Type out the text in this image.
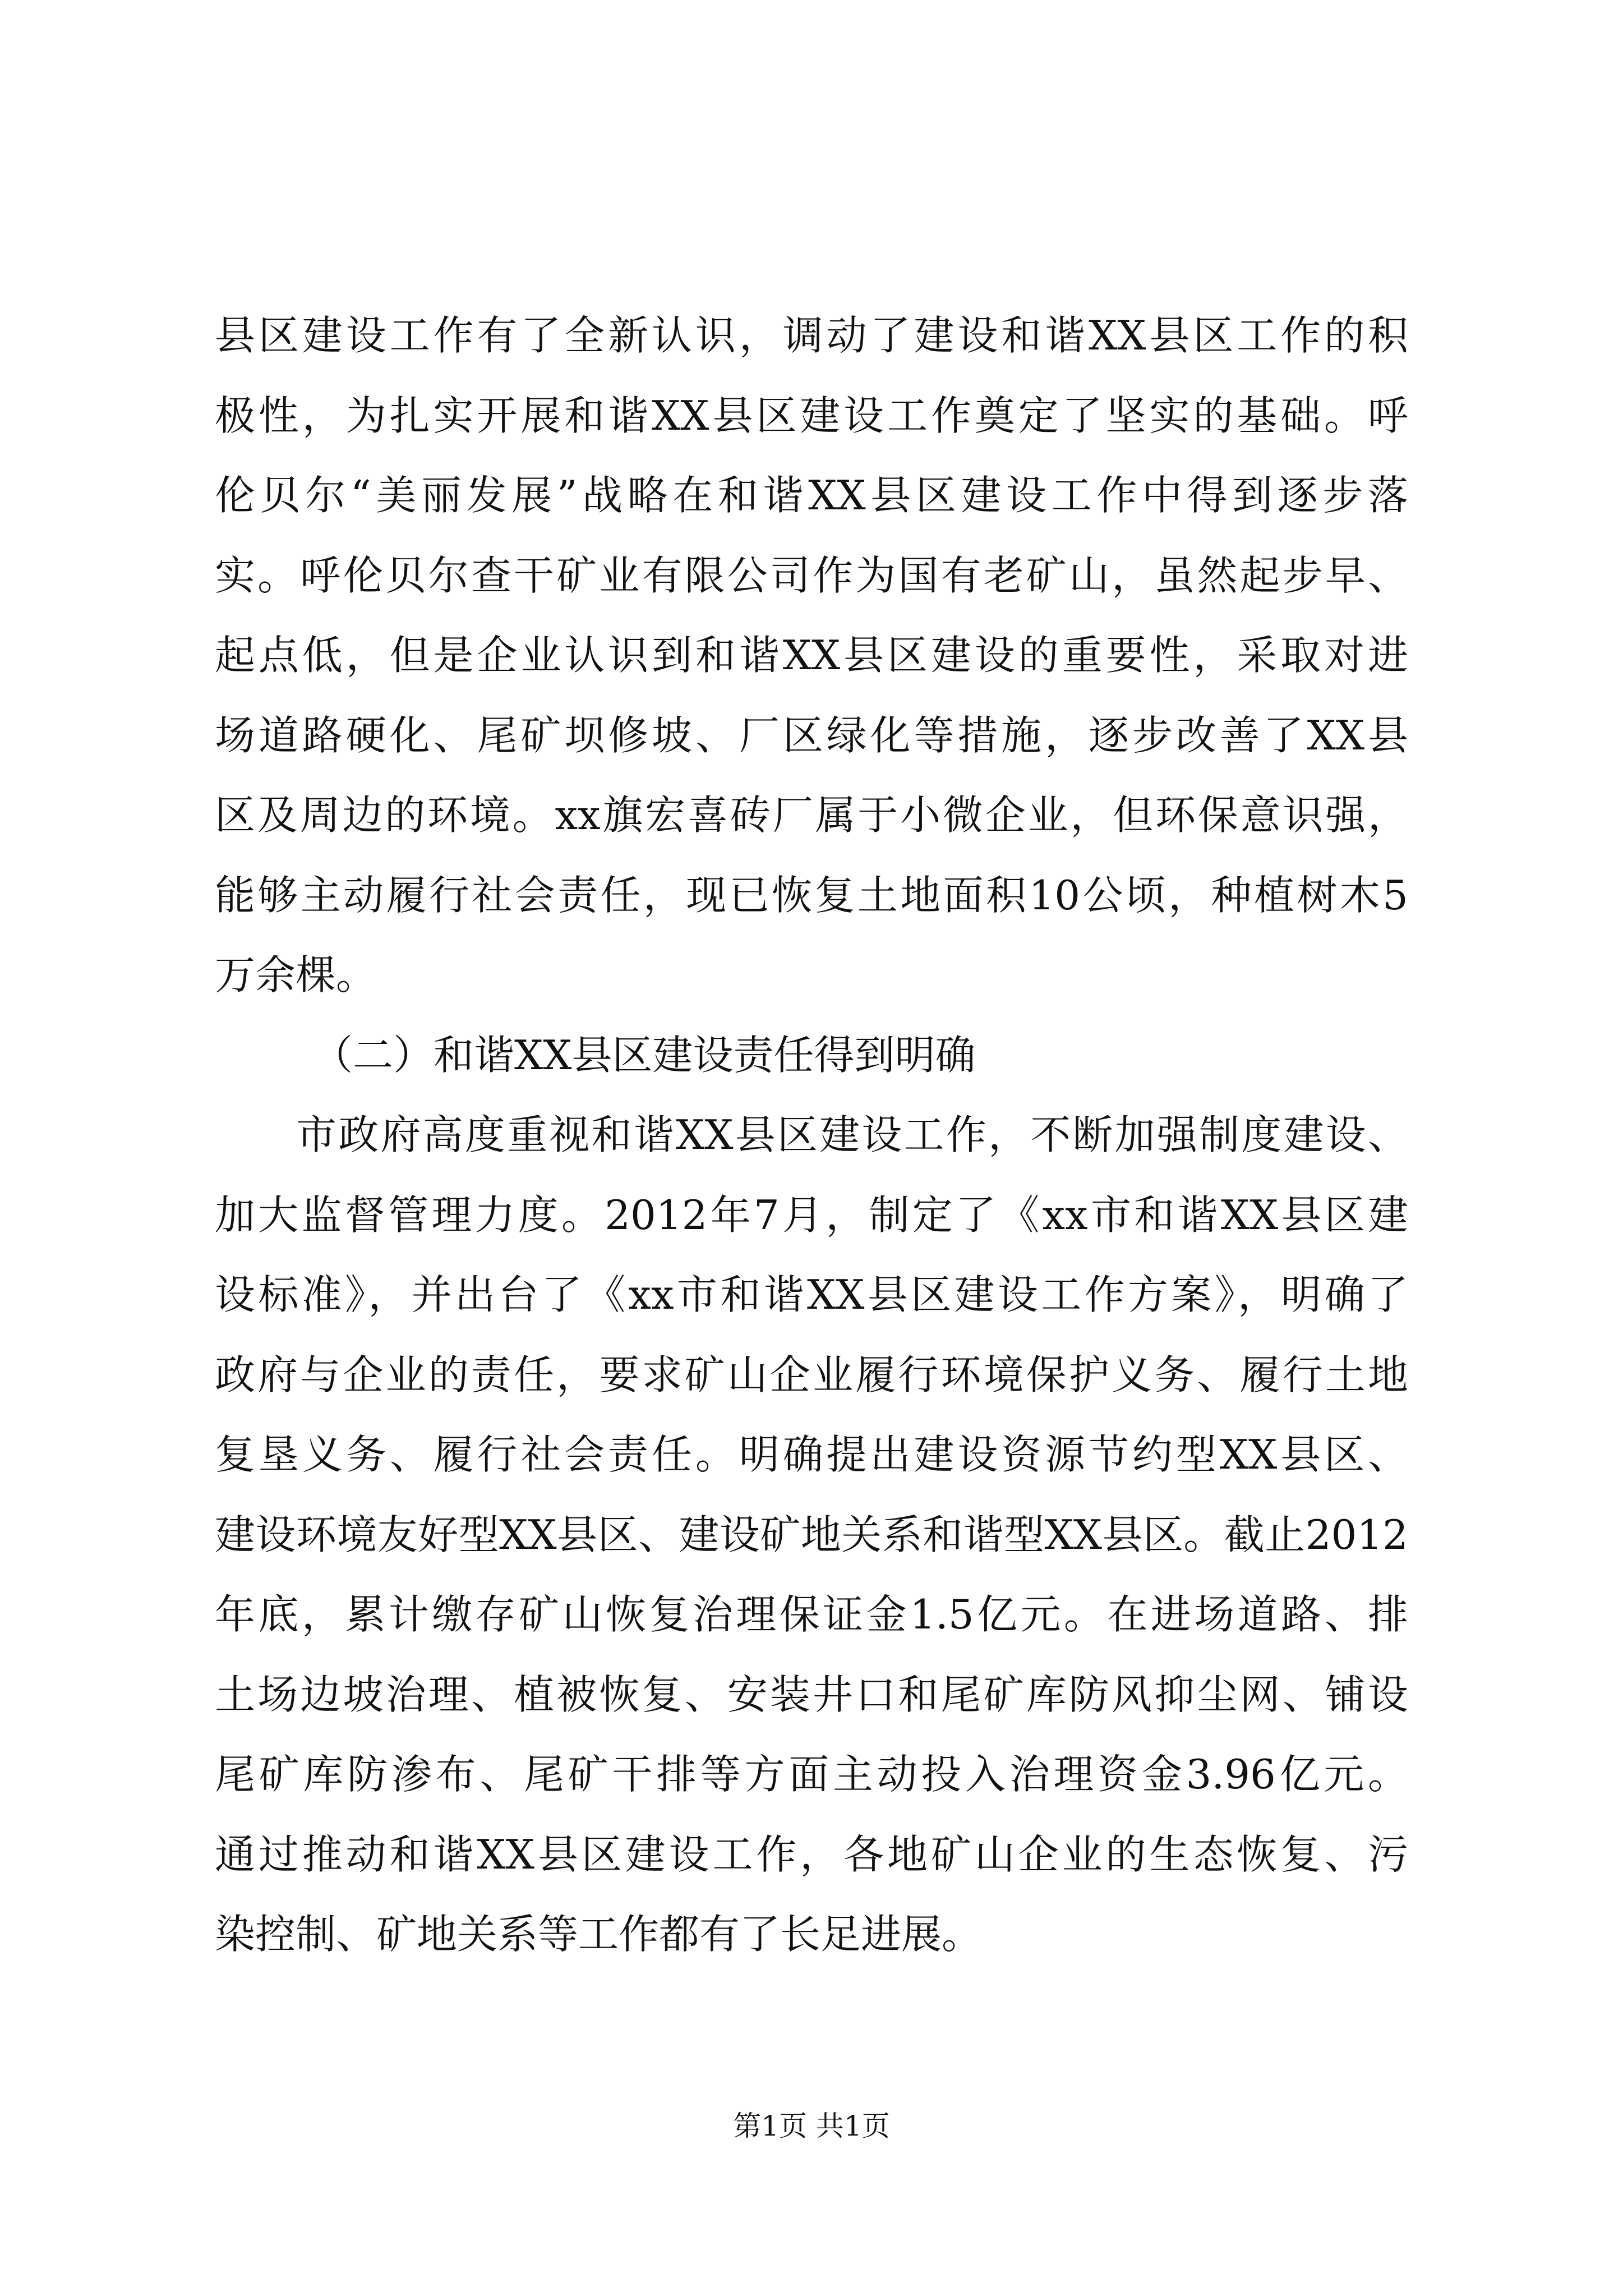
县区建设工作有了全新认识，调动了建设和谐XX县区工作的积
极性，为扎实开展和谐XX县区建设工作奠定了坚实的基础。呼
伦贝尔“美丽发展”战略在和谐XX县区建设工作中得到逐步落
实。呼伦贝尔查干矿业有限公司作为国有老矿山，虽然起步早、
起点低，但是企业认识到和谐XX县区建设的重要性，采取对进
场道路硬化、尾矿坝修坡、厂区绿化等措施，逐步改善了XX县
区及周边的环境。xx旗宏喜砖厂属于小微企业，但环保意识强，
能够主动履行社会责任，现已恢复土地面积10公顷，种植树木5
万余棵。
（二）和谐XX县区建设责任得到明确
市政府高度重视和谐XX县区建设工作，不断加强制度建设、
加大监督管理力度。2012年7月，制定了《xx市和谐XX县区建
设标准》，并出台了《xx市和谐XX县区建设工作方案》，明确了
政府与企业的责任，要求矿山企业履行环境保护义务、履行土地
复垦义务、履行社会责任。明确提出建设资源节约型XX县区、
建设环境友好型XX县区、建设矿地关系和谐型XX县区。截止2012
年底，累计缴存矿山恢复治理保证金1.5亿元。在进场道路、排
土场边坡治理、植被恢复、安装井口和尾矿库防风抑尘网、铺设
尾矿库防渗布、尾矿干排等方面主动投入治理资金3.96亿元。
通过推动和谐XX县区建设工作，各地矿山企业的生态恢复、污
染控制、矿地关系等工作都有了长足进展。
第1页 共1页
